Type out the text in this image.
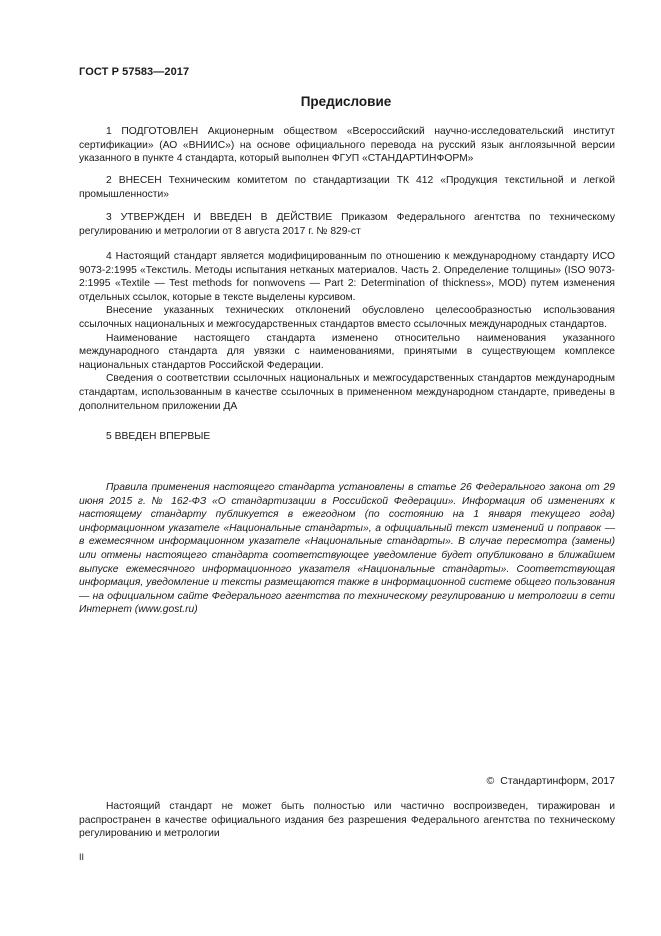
ГОСТ Р 57583—2017
Предисловие

1 ПОДГОТОВЛЕН Акционерным обществом «Всероссийский научно-исследовательский институт сертификации» (АО «ВНИИС») на основе официального перевода на русский язык англоязычной версии указанного в пункте 4 стандарта, который выполнен ФГУП «СТАНДАРТИНФОРМ»

2 ВНЕСЕН Техническим комитетом по стандартизации ТК 412 «Продукция текстильной и легкой промышленности»

3 УТВЕРЖДЕН И ВВЕДЕН В ДЕЙСТВИЕ Приказом Федерального агентства по техническому регулированию и метрологии от 8 августа 2017 г. № 829-ст

4 Настоящий стандарт является модифицированным по отношению к международному стандарту ИСО 9073-2:1995 «Текстиль. Методы испытания нетканых материалов. Часть 2. Определение толщины» (ISO 9073-2:1995 «Textile — Test methods for nonwovens — Part 2: Determination of thickness», MOD) путем изменения отдельных ссылок, которые в тексте выделены курсивом.

Внесение указанных технических отклонений обусловлено целесообразностью использования ссылочных национальных и межгосударственных стандартов вместо ссылочных международных стандартов.

Наименование настоящего стандарта изменено относительно наименования указанного международного стандарта для увязки с наименованиями, принятыми в существующем комплексе национальных стандартов Российской Федерации.

Сведения о соответствии ссылочных национальных и межгосударственных стандартов международным стандартам, использованным в качестве ссылочных в примененном международном стандарте, приведены в дополнительном приложении ДА

5 ВВЕДЕН ВПЕРВЫЕ

Правила применения настоящего стандарта установлены в статье 26 Федерального закона от 29 июня 2015 г. № 162-ФЗ «О стандартизации в Российской Федерации». Информация об изменениях к настоящему стандарту публикуется в ежегодном (по состоянию на 1 января текущего года) информационном указателе «Национальные стандарты», а официальный текст изменений и поправок — в ежемесячном информационном указателе «Национальные стандарты». В случае пересмотра (замены) или отмены настоящего стандарта соответствующее уведомление будет опубликовано в ближайшем выпуске ежемесячного информационного указателя «Национальные стандарты». Соответствующая информация, уведомление и тексты размещаются также в информационной системе общего пользования — на официальном сайте Федерального агентства по техническому регулированию и метрологии в сети Интернет (www.gost.ru)

© Стандартинформ, 2017

Настоящий стандарт не может быть полностью или частично воспроизведен, тиражирован и распространен в качестве официального издания без разрешения Федерального агентства по техническому регулированию и метрологии

II
